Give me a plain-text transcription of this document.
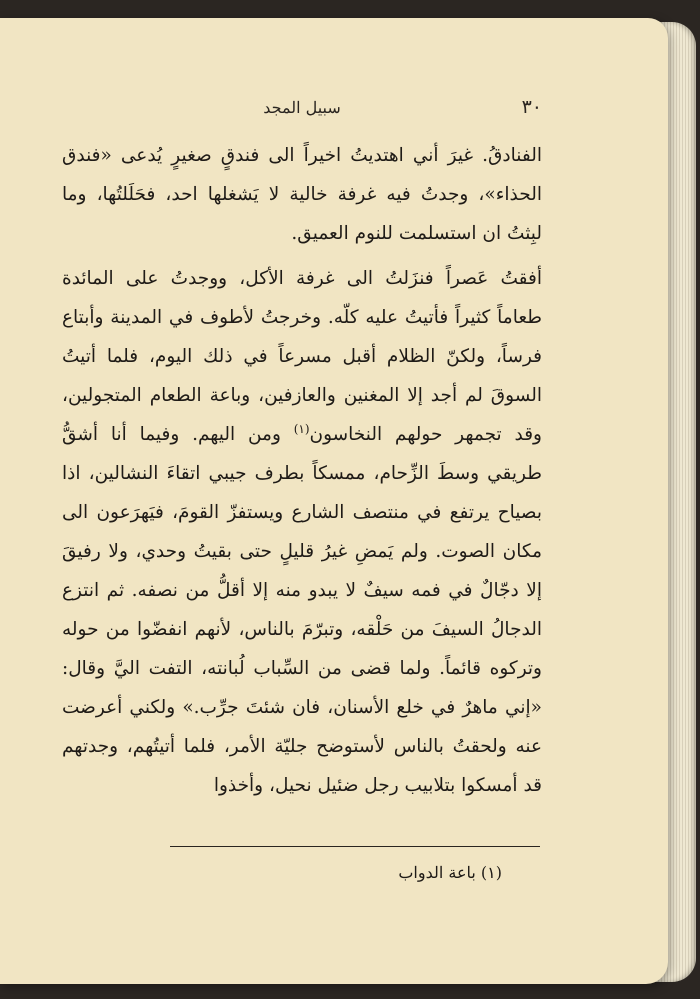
٣٠
سبيل المجد

الفنادقُ. غيرَ أني اهتديتُ اخيراً الى فندقٍ صغيرٍ يُدعى «فندق الحذاء»، وجدتُ فيه غرفة خالية لا يَشغلها احد، فحَلَلتُها، وما لبِثتُ ان استسلمت للنوم العميق.

أفقتُ عَصراً فنزَلتُ الى غرفة الأكل، ووجدتُ على المائدة طعاماً كثيراً فأتيتُ عليه كلّه. وخرجتُ لأطوف في المدينة وأبتاع فرساً، ولكنّ الظلام أقبل مسرعاً في ذلك اليوم، فلما أتيتُ السوقَ لم أجد إلا المغنين والعازفين، وباعة الطعام المتجولين، وقد تجمهر حولهم النخاسون$^{(١)}$ ومن اليهم. وفيما أنا أشقُّ طريقي وسطَ الزِّحام، ممسكاً بطرف جيبي اتقاءَ النشالين، اذا بصياح يرتفع في منتصف الشارع ويستفزّ القومَ، فيَهرَعون الى مكان الصوت. ولم يَمضِ غيرُ قليلٍ حتى بقيتُ وحدي، ولا رفيقَ إلا دجّالٌ في فمه سيفٌ لا يبدو منه إلا أقلُّ من نصفه. ثم انتزع الدجالُ السيفَ من حَلْقه، وتبرّمَ بالناس، لأنهم انفضّوا من حوله وتركوه قائماً. ولما قضى من السِّباب لُبانته، التفت اليَّ وقال: «إني ماهرٌ في خلع الأسنان، فان شئتَ جرِّب.» ولكني أعرضت عنه ولحقتُ بالناس لأستوضح جليّة الأمر، فلما أتيتُهم، وجدتهم قد أمسكوا بتلابيب رجل ضئيل نحيل، وأخذوا

(١) باعة الدواب
